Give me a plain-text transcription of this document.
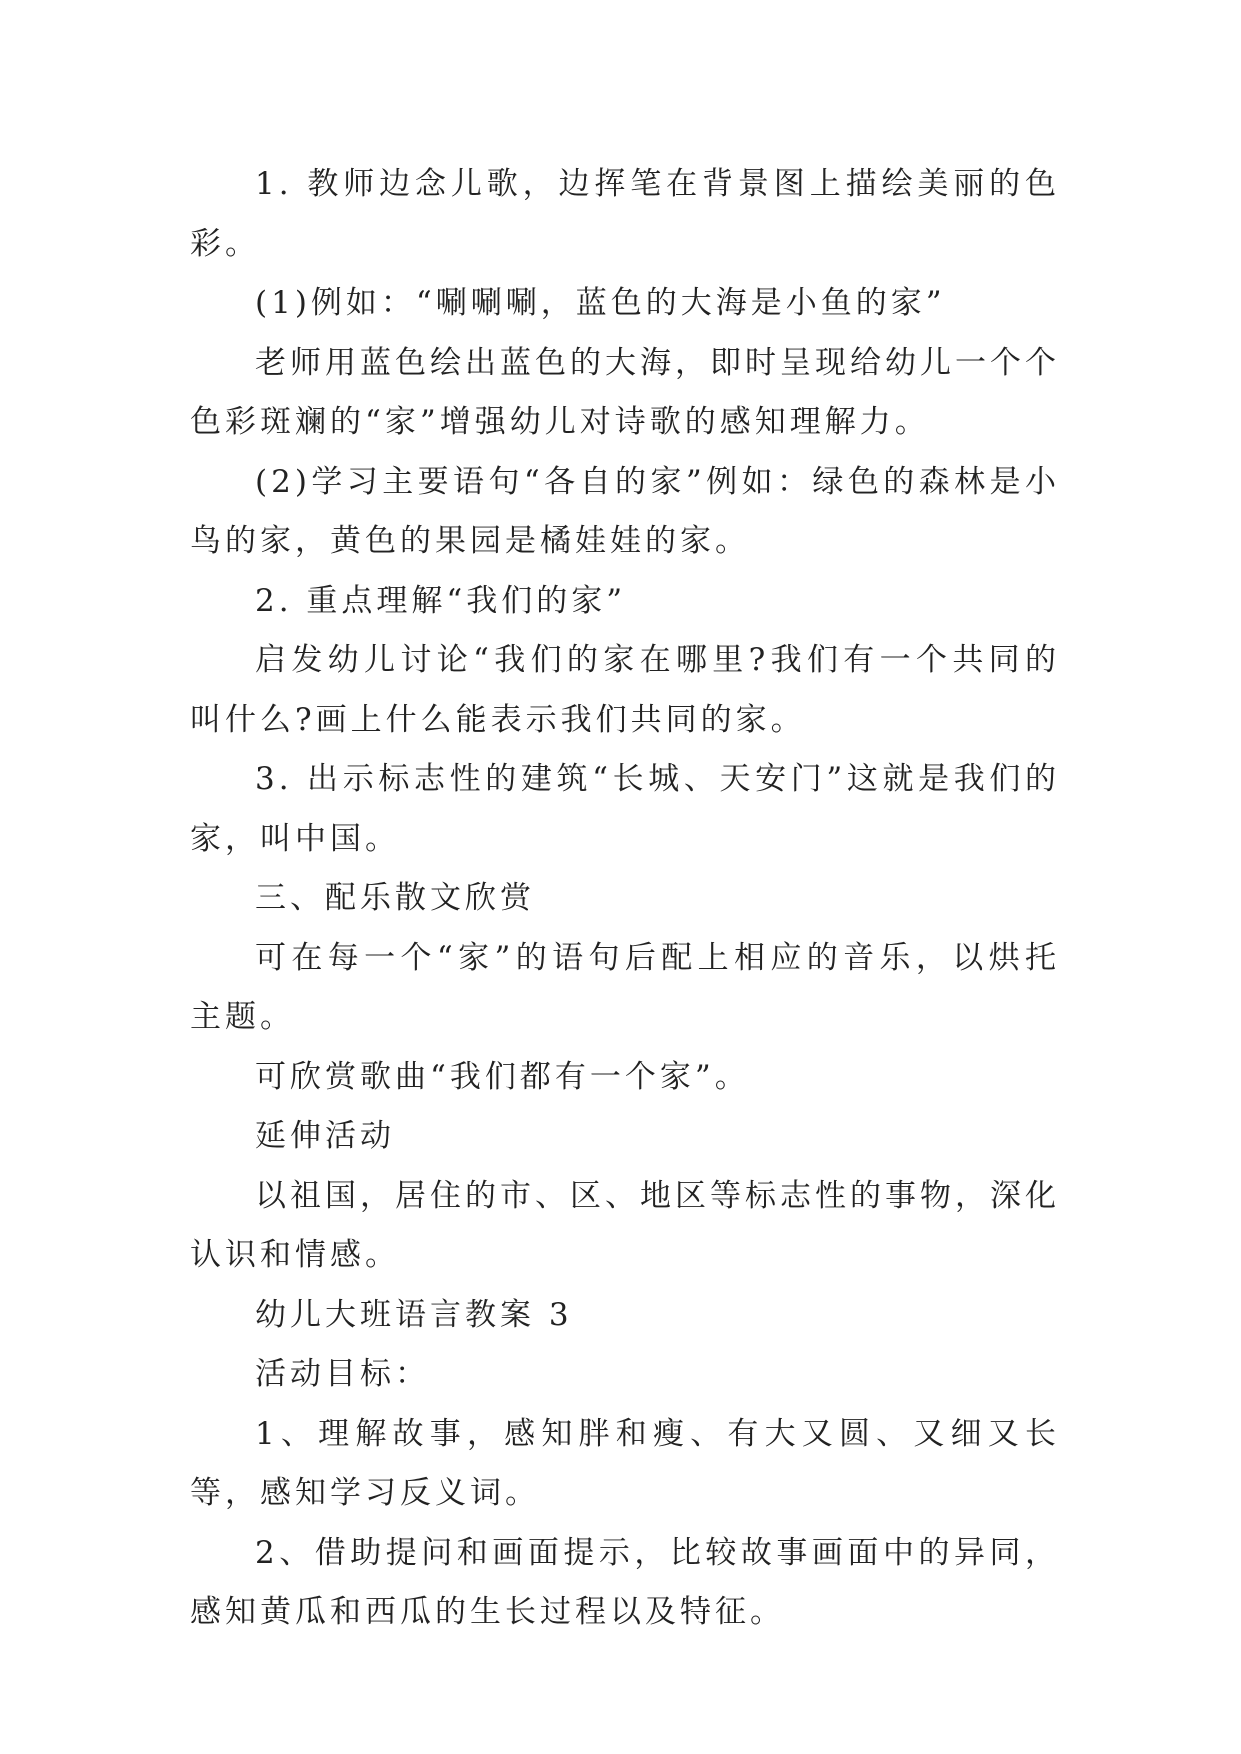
1. 教师边念儿歌，边挥笔在背景图上描绘美丽的色彩。

(1)例如：“唰唰唰，蓝色的大海是小鱼的家”

老师用蓝色绘出蓝色的大海，即时呈现给幼儿一个个色彩斑斓的“家”增强幼儿对诗歌的感知理解力。

(2)学习主要语句“各自的家”例如：绿色的森林是小鸟的家，黄色的果园是橘娃娃的家。

2. 重点理解“我们的家”

启发幼儿讨论“我们的家在哪里?我们有一个共同的叫什么?画上什么能表示我们共同的家。

3. 出示标志性的建筑“长城、天安门”这就是我们的家，叫中国。

三、配乐散文欣赏

可在每一个“家”的语句后配上相应的音乐，以烘托主题。

可欣赏歌曲“我们都有一个家”。

延伸活动

以祖国，居住的市、区、地区等标志性的事物，深化认识和情感。

幼儿大班语言教案 3

活动目标：

1、理解故事，感知胖和瘦、有大又圆、又细又长等，感知学习反义词。

2、借助提问和画面提示，比较故事画面中的异同，感知黄瓜和西瓜的生长过程以及特征。
